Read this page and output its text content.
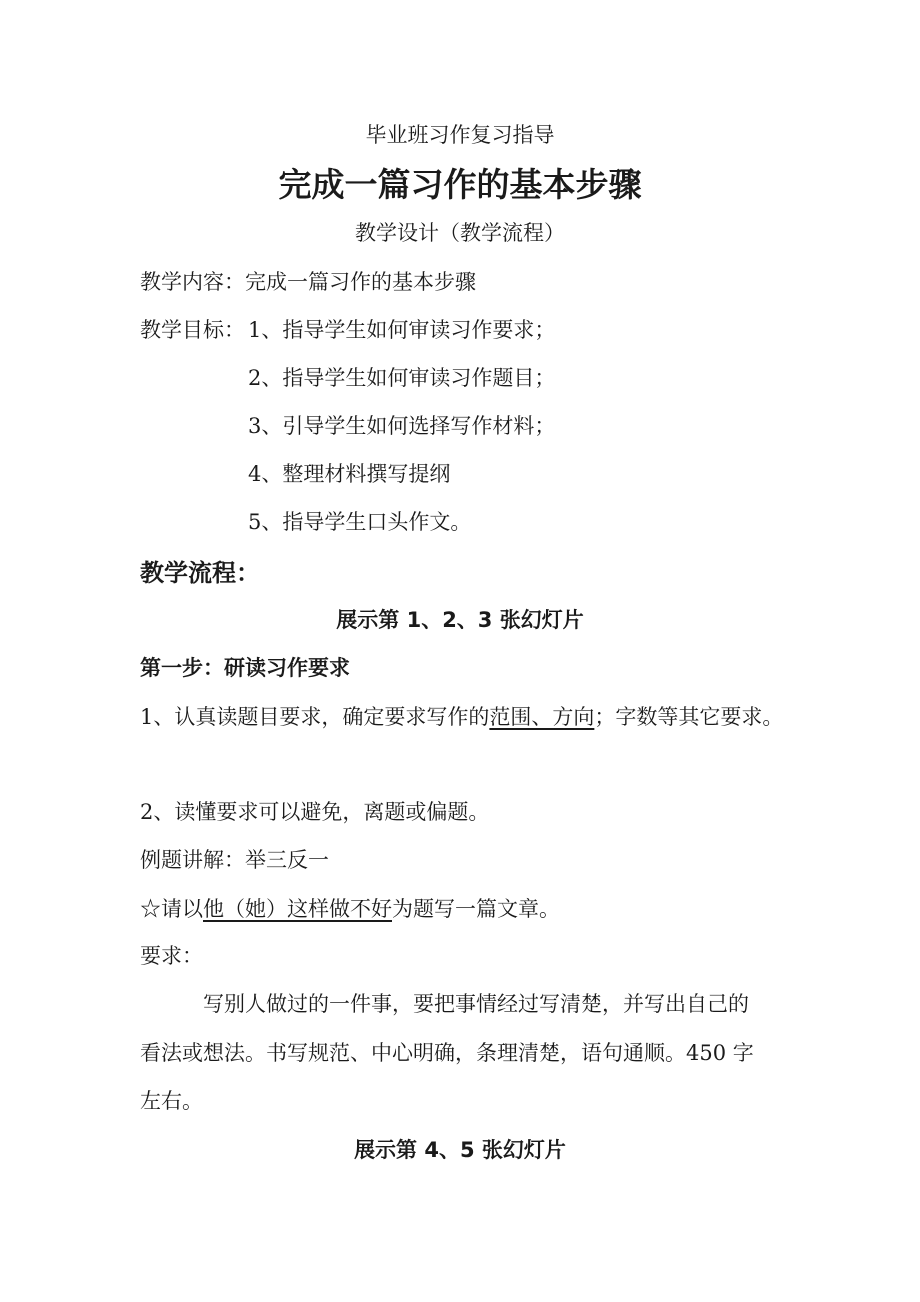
毕业班习作复习指导
完成一篇习作的基本步骤
教学设计（教学流程）
教学内容：完成一篇习作的基本步骤
教学目标： 1、指导学生如何审读习作要求；
2、指导学生如何审读习作题目；
3、引导学生如何选择写作材料；
4、整理材料撰写提纲
5、指导学生口头作文。
教学流程：
展示第 1、2、3 张幻灯片
第一步：研读习作要求
1、认真读题目要求，确定要求写作的范围、方向；字数等其它要求。
2、读懂要求可以避免，离题或偏题。
例题讲解：举三反一
☆请以他（她）这样做不好为题写一篇文章。
要求：
写别人做过的一件事，要把事情经过写清楚，并写出自己的
看法或想法。书写规范、中心明确，条理清楚，语句通顺。450 字
左右。
展示第 4、5 张幻灯片
